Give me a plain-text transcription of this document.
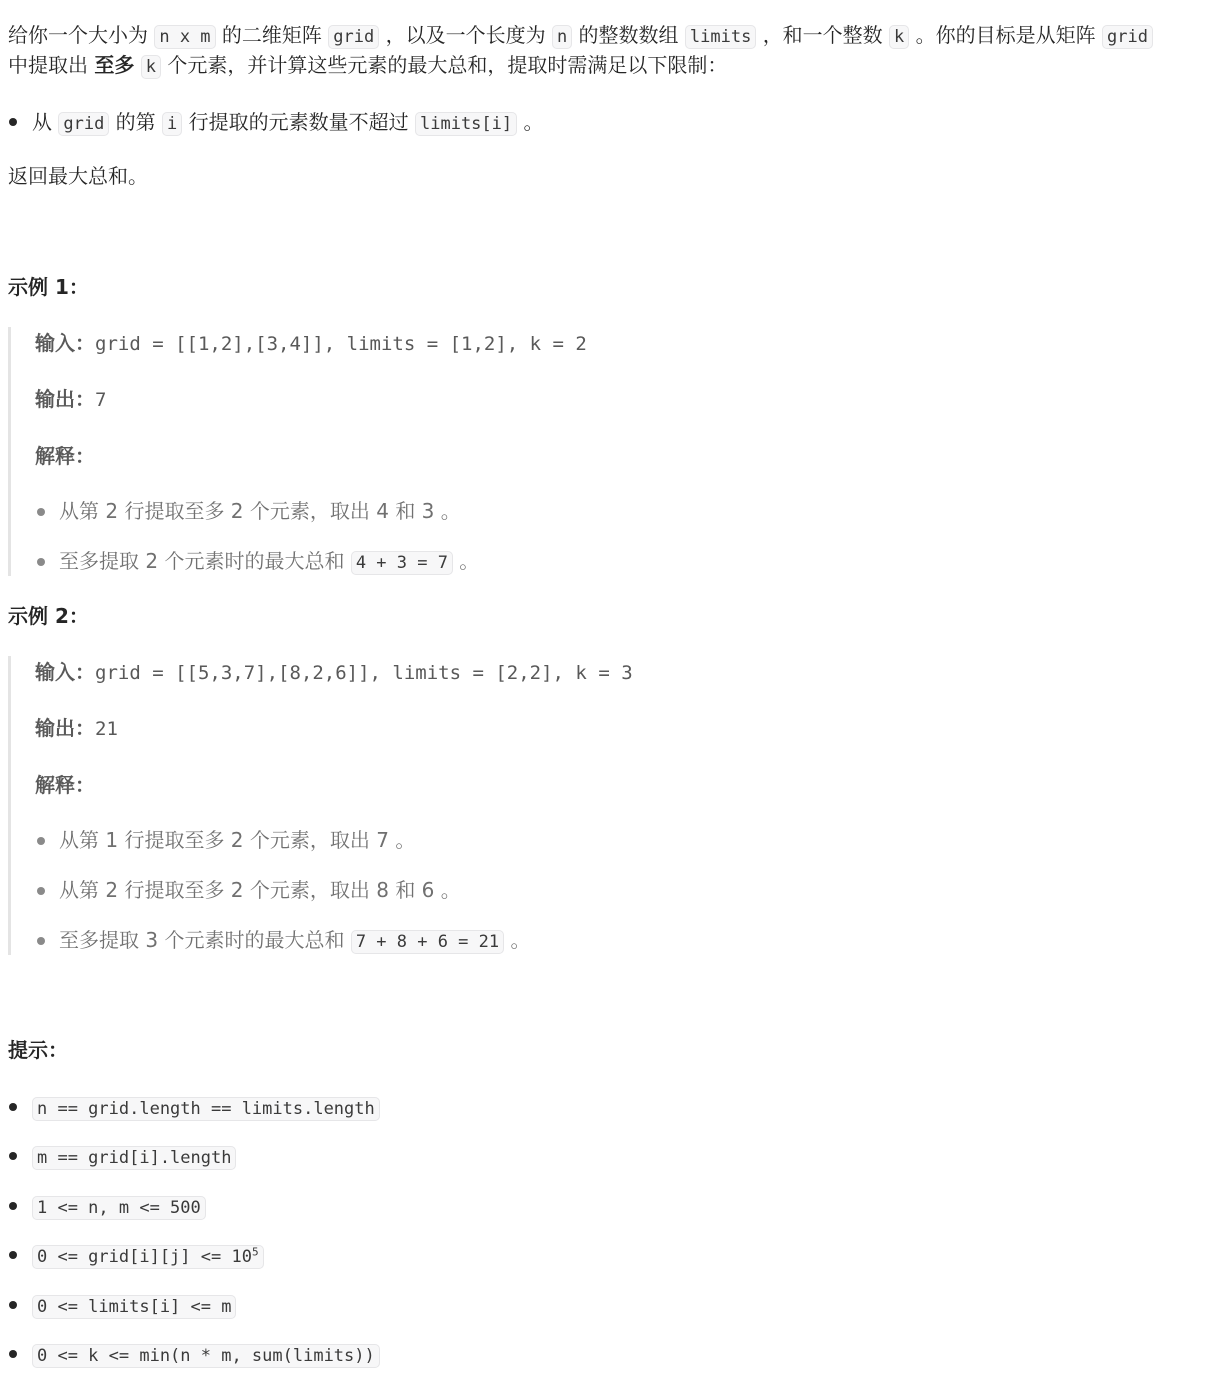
给你一个大小为 n x m 的二维矩阵 grid ，以及一个长度为 n 的整数数组 limits ，和一个整数 k 。你的目标是从矩阵 grid
中提取出 至多 k 个元素，并计算这些元素的最大总和，提取时需满足以下限制：
从 grid 的第 i 行提取的元素数量不超过 limits[i] 。
返回最大总和。
示例 1：
输入：grid = [[1,2],[3,4]], limits = [1,2], k = 2
输出：7
解释：
从第 2 行提取至多 2 个元素，取出 4 和 3 。
至多提取 2 个元素时的最大总和 4 + 3 = 7 。
示例 2：
输入：grid = [[5,3,7],[8,2,6]], limits = [2,2], k = 3
输出：21
解释：
从第 1 行提取至多 2 个元素，取出 7 。
从第 2 行提取至多 2 个元素，取出 8 和 6 。
至多提取 3 个元素时的最大总和 7 + 8 + 6 = 21 。
提示：
n == grid.length == limits.length
m == grid[i].length
1 <= n, m <= 500
0 <= grid[i][j] <= $10^5$
0 <= limits[i] <= m
0 <= k <= min(n * m, sum(limits))
